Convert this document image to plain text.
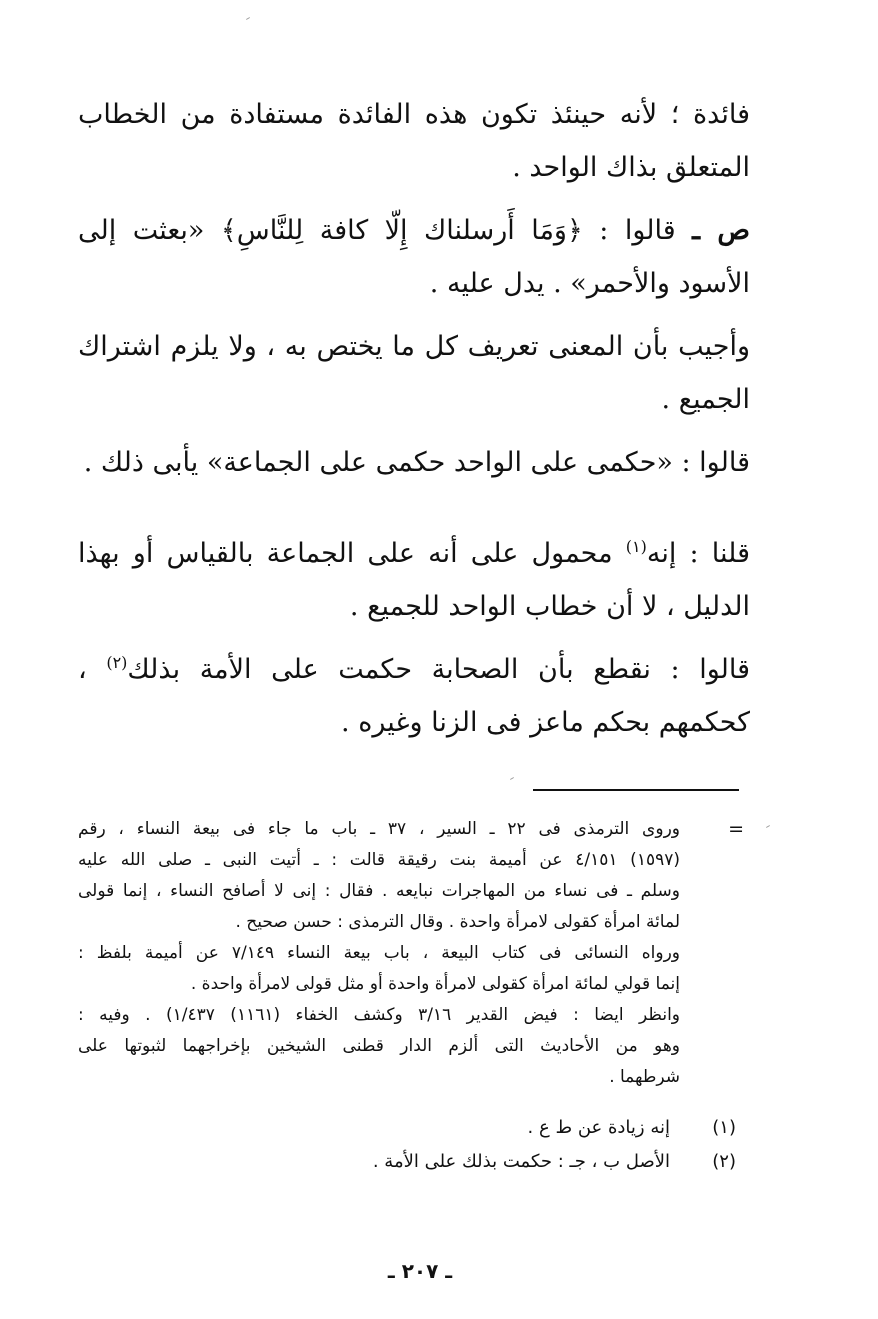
فائدة ؛ لأنه حينئذ تكون هذه الفائدة مستفادة من الخطاب المتعلق بذاك الواحد .

ص ـ قالوا : ﴿وَمَا أَرسلناك إِلّا كافة لِلنَّاسِ﴾ «بعثت إلى الأسود والأحمر» . يدل عليه .

وأجيب بأن المعنى تعريف كل ما يختص به ، ولا يلزم اشتراك الجميع .

قالوا : «حكمى على الواحد حكمى على الجماعة» يأبى ذلك .

قلنا : إنه$^{(١)}$ محمول على أنه على الجماعة بالقياس أو بهذا الدليل ، لا أن خطاب الواحد للجميع .

قالوا : نقطع بأن الصحابة حكمت على الأمة بذلك$^{(٢)}$ ، كحكمهم بحكم ماعز فى الزنا وغيره .

=
وروى الترمذى فى ٢٢ ـ السير ، ٣٧ ـ باب ما جاء فى بيعة النساء ، رقم
(١٥٩٧) ٤/١٥١ عن أميمة بنت رقيقة قالت : ـ أتيت النبى ـ صلى الله عليه
وسلم ـ فى نساء من المهاجرات نبايعه . فقال : إنى لا أصافح النساء ، إنما قولى
لمائة امرأة كقولى لامرأة واحدة . وقال الترمذى : حسن صحيح .
ورواه النسائى فى كتاب البيعة ، باب بيعة النساء ٧/١٤٩ عن أميمة بلفظ :
إنما قولي لمائة امرأة كقولى لامرأة واحدة أو مثل قولى لامرأة واحدة .
وانظر ايضا : فيض القدير ٣/١٦ وكشف الخفاء (١١٦١) ١/٤٣٧) . وفيه :
وهو من الأحاديث التى ألزم الدار قطنى الشيخين بإخراجهما لثبوتها على
شرطهما .
(١)
إنه زيادة عن ط ع .
(٢)
الأصل ب ، جـ : حكمت بذلك على الأمة .
ـ ٢٠٧ ـ
